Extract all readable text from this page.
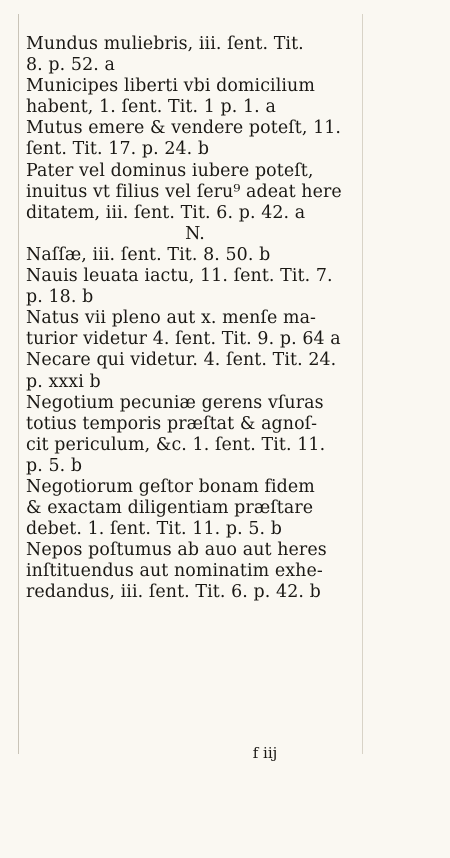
Mundus muliebris, iii. ſent. Tit.
8. p. 52. a
Municipes liberti vbi domicilium
habent, 1. ſent. Tit. 1 p. 1. a
Mutus emere & vendere poteſt, 11.
ſent. Tit. 17. p. 24. b
Pater vel dominus iubere poteſt,
inuitus vt filius vel ſeru⁹ adeat here
ditatem, iii. ſent. Tit. 6. p. 42. a
N.
Naſſæ, iii. ſent. Tit. 8. 50. b
Nauis leuata iactu, 11. ſent. Tit. 7.
p. 18. b
Natus vii pleno aut x. menſe ma-
turior videtur 4. ſent. Tit. 9. p. 64 a
Necare qui videtur. 4. ſent. Tit. 24.
p. xxxi b
Negotium pecuniæ gerens vſuras
totius temporis præſtat & agnoſ-
cit periculum, &c. 1. ſent. Tit. 11.
p. 5. b
Negotiorum geſtor bonam fidem
& exactam diligentiam præſtare
debet. 1. ſent. Tit. 11. p. 5. b
Nepos poſtumus ab auo aut heres
inſtituendus aut nominatim exhe-
redandus, iii. ſent. Tit. 6. p. 42. b
f iij
